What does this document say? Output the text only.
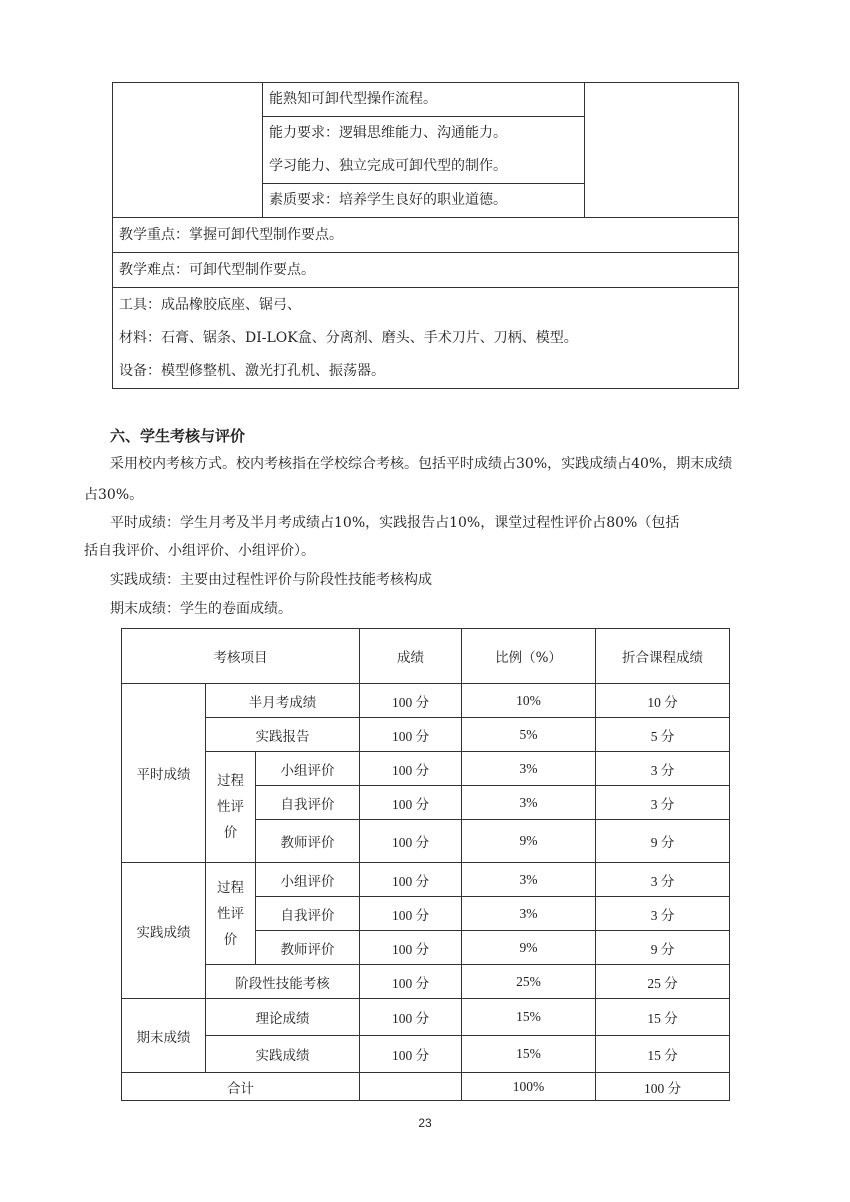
	能熟知可卸代型操作流程。	

能力要求：逻辑思维能力、沟通能力。
学习能力、独立完成可卸代型的制作。

素质要求：培养学生良好的职业道德。

教学重点：掌握可卸代型制作要点。
教学难点：可卸代型制作要点。

工具：成品橡胶底座、锯弓、
材料：石膏、锯条、DI-LOK盒、分离剂、磨头、手术刀片、刀柄、模型。
设备：模型修整机、激光打孔机、振荡器。
六、学生考核与评价
采用校内考核方式。校内考核指在学校综合考核。包括平时成绩占30%，实践成绩占40%，期末成绩
占30%。
平时成绩：学生月考及半月考成绩占10%，实践报告占10%，课堂过程性评价占80%（包括
括自我评价、小组评价、小组评价）。
实践成绩：主要由过程性评价与阶段性技能考核构成
期末成绩：学生的卷面成绩。
考核项目			成绩	比例（%）	折合课程成绩
平时成绩	半月考成绩		100 分	10%	10 分
	实践报告		100 分	5%	5 分

	过程
性评
价	小组评价	100 分	3%	3 分
		自我评价	100 分	3%	3 分
		教师评价	100 分	9%	9 分
实践成绩	过程
性评
价	小组评价	100 分	3%	3 分
		自我评价	100 分	3%	3 分
		教师评价	100 分	9%	9 分
	阶段性技能考核		100 分	25%	25 分
期末成绩	理论成绩		100 分	15%	15 分
	实践成绩		100 分	15%	15 分
合计				100%	100 分
23
